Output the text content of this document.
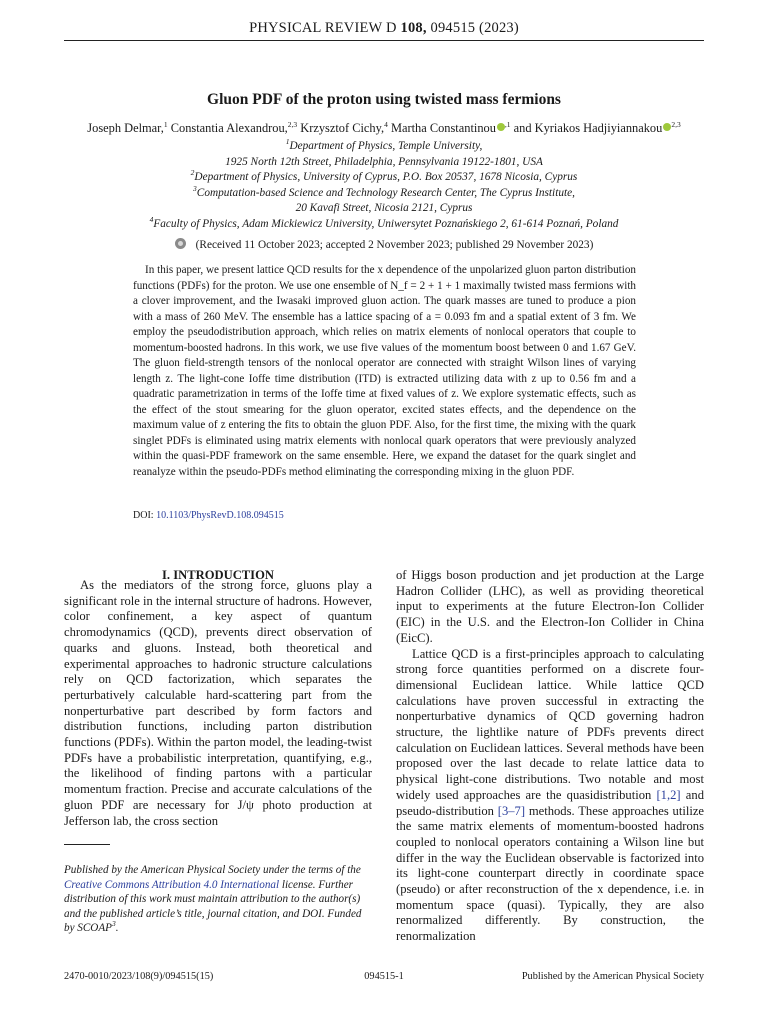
PHYSICAL REVIEW D 108, 094515 (2023)
Gluon PDF of the proton using twisted mass fermions
Joseph Delmar,$^1$ Constantia Alexandrou,$^{2,3}$ Krzysztof Cichy,$^4$ Martha Constantinou $^{,1}$ and Kyriakos Hadjiyiannakou $^{2,3}$
$^1$Department of Physics, Temple University,
1925 North 12th Street, Philadelphia, Pennsylvania 19122-1801, USA
$^2$Department of Physics, University of Cyprus, P.O. Box 20537, 1678 Nicosia, Cyprus
$^3$Computation-based Science and Technology Research Center, The Cyprus Institute,
20 Kavafi Street, Nicosia 2121, Cyprus
$^4$Faculty of Physics, Adam Mickiewicz University, Uniwersytet Poznańskiego 2, 61-614 Poznań, Poland
(Received 11 October 2023; accepted 2 November 2023; published 29 November 2023)
In this paper, we present lattice QCD results for the x dependence of the unpolarized gluon parton distribution functions (PDFs) for the proton. We use one ensemble of N_f = 2 + 1 + 1 maximally twisted mass fermions with a clover improvement, and the Iwasaki improved gluon action. The quark masses are tuned to produce a pion with a mass of 260 MeV. The ensemble has a lattice spacing of a = 0.093 fm and a spatial extent of 3 fm. We employ the pseudodistribution approach, which relies on matrix elements of nonlocal operators that couple to momentum-boosted hadrons. In this work, we use five values of the momentum boost between 0 and 1.67 GeV. The gluon field-strength tensors of the nonlocal operator are connected with straight Wilson lines of varying length z. The light-cone Ioffe time distribution (ITD) is extracted utilizing data with z up to 0.56 fm and a quadratic parametrization in terms of the Ioffe time at fixed values of z. We explore systematic effects, such as the effect of the stout smearing for the gluon operator, excited states effects, and the dependence on the maximum value of z entering the fits to obtain the gluon PDF. Also, for the first time, the mixing with the quark singlet PDFs is eliminated using matrix elements with nonlocal quark operators that were previously analyzed within the quasi-PDF framework on the same ensemble. Here, we expand the dataset for the quark singlet and reanalyze within the pseudo-PDFs method eliminating the corresponding mixing in the gluon PDF.
DOI: 10.1103/PhysRevD.108.094515
I. INTRODUCTION

As the mediators of the strong force, gluons play a significant role in the internal structure of hadrons. However, color confinement, a key aspect of quantum chromodynamics (QCD), prevents direct observation of quarks and gluons. Instead, both theoretical and experimental approaches to hadronic structure calculations rely on QCD factorization, which separates the perturbatively calculable hard-scattering part from the nonperturbative part described by form factors and distribution functions, including parton distribution functions (PDFs). Within the parton model, the leading-twist PDFs have a probabilistic interpretation, quantifying, e.g., the likelihood of finding partons with a particular momentum fraction. Precise and accurate calculations of the gluon PDF are necessary for J/ψ photo production at Jefferson lab, the cross section

Published by the American Physical Society under the terms of the Creative Commons Attribution 4.0 International license. Further distribution of this work must maintain attribution to the author(s) and the published article’s title, journal citation, and DOI. Funded by SCOAP$^3$.

of Higgs boson production and jet production at the Large Hadron Collider (LHC), as well as providing theoretical input to experiments at the future Electron-Ion Collider (EIC) in the U.S. and the Electron-Ion Collider in China (EicC).

Lattice QCD is a first-principles approach to calculating strong force quantities performed on a discrete four-dimensional Euclidean lattice. While lattice QCD calculations have proven successful in extracting the nonperturbative dynamics of QCD governing hadron structure, the lightlike nature of PDFs prevents direct calculation on Euclidean lattices. Several methods have been proposed over the last decade to relate lattice data to physical light-cone distributions. Two notable and most widely used approaches are the quasidistribution [1,2] and pseudo-distribution [3–7] methods. These approaches utilize the same matrix elements of momentum-boosted hadrons coupled to nonlocal operators containing a Wilson line but differ in the way the Euclidean observable is factorized into its light-cone counterpart directly in coordinate space (pseudo) or after reconstruction of the x dependence, i.e. in momentum space (quasi). Typically, they are also renormalized differently. By construction, the renormalization

2470-0010/2023/108(9)/094515(15)	094515-1	Published by the American Physical Society
